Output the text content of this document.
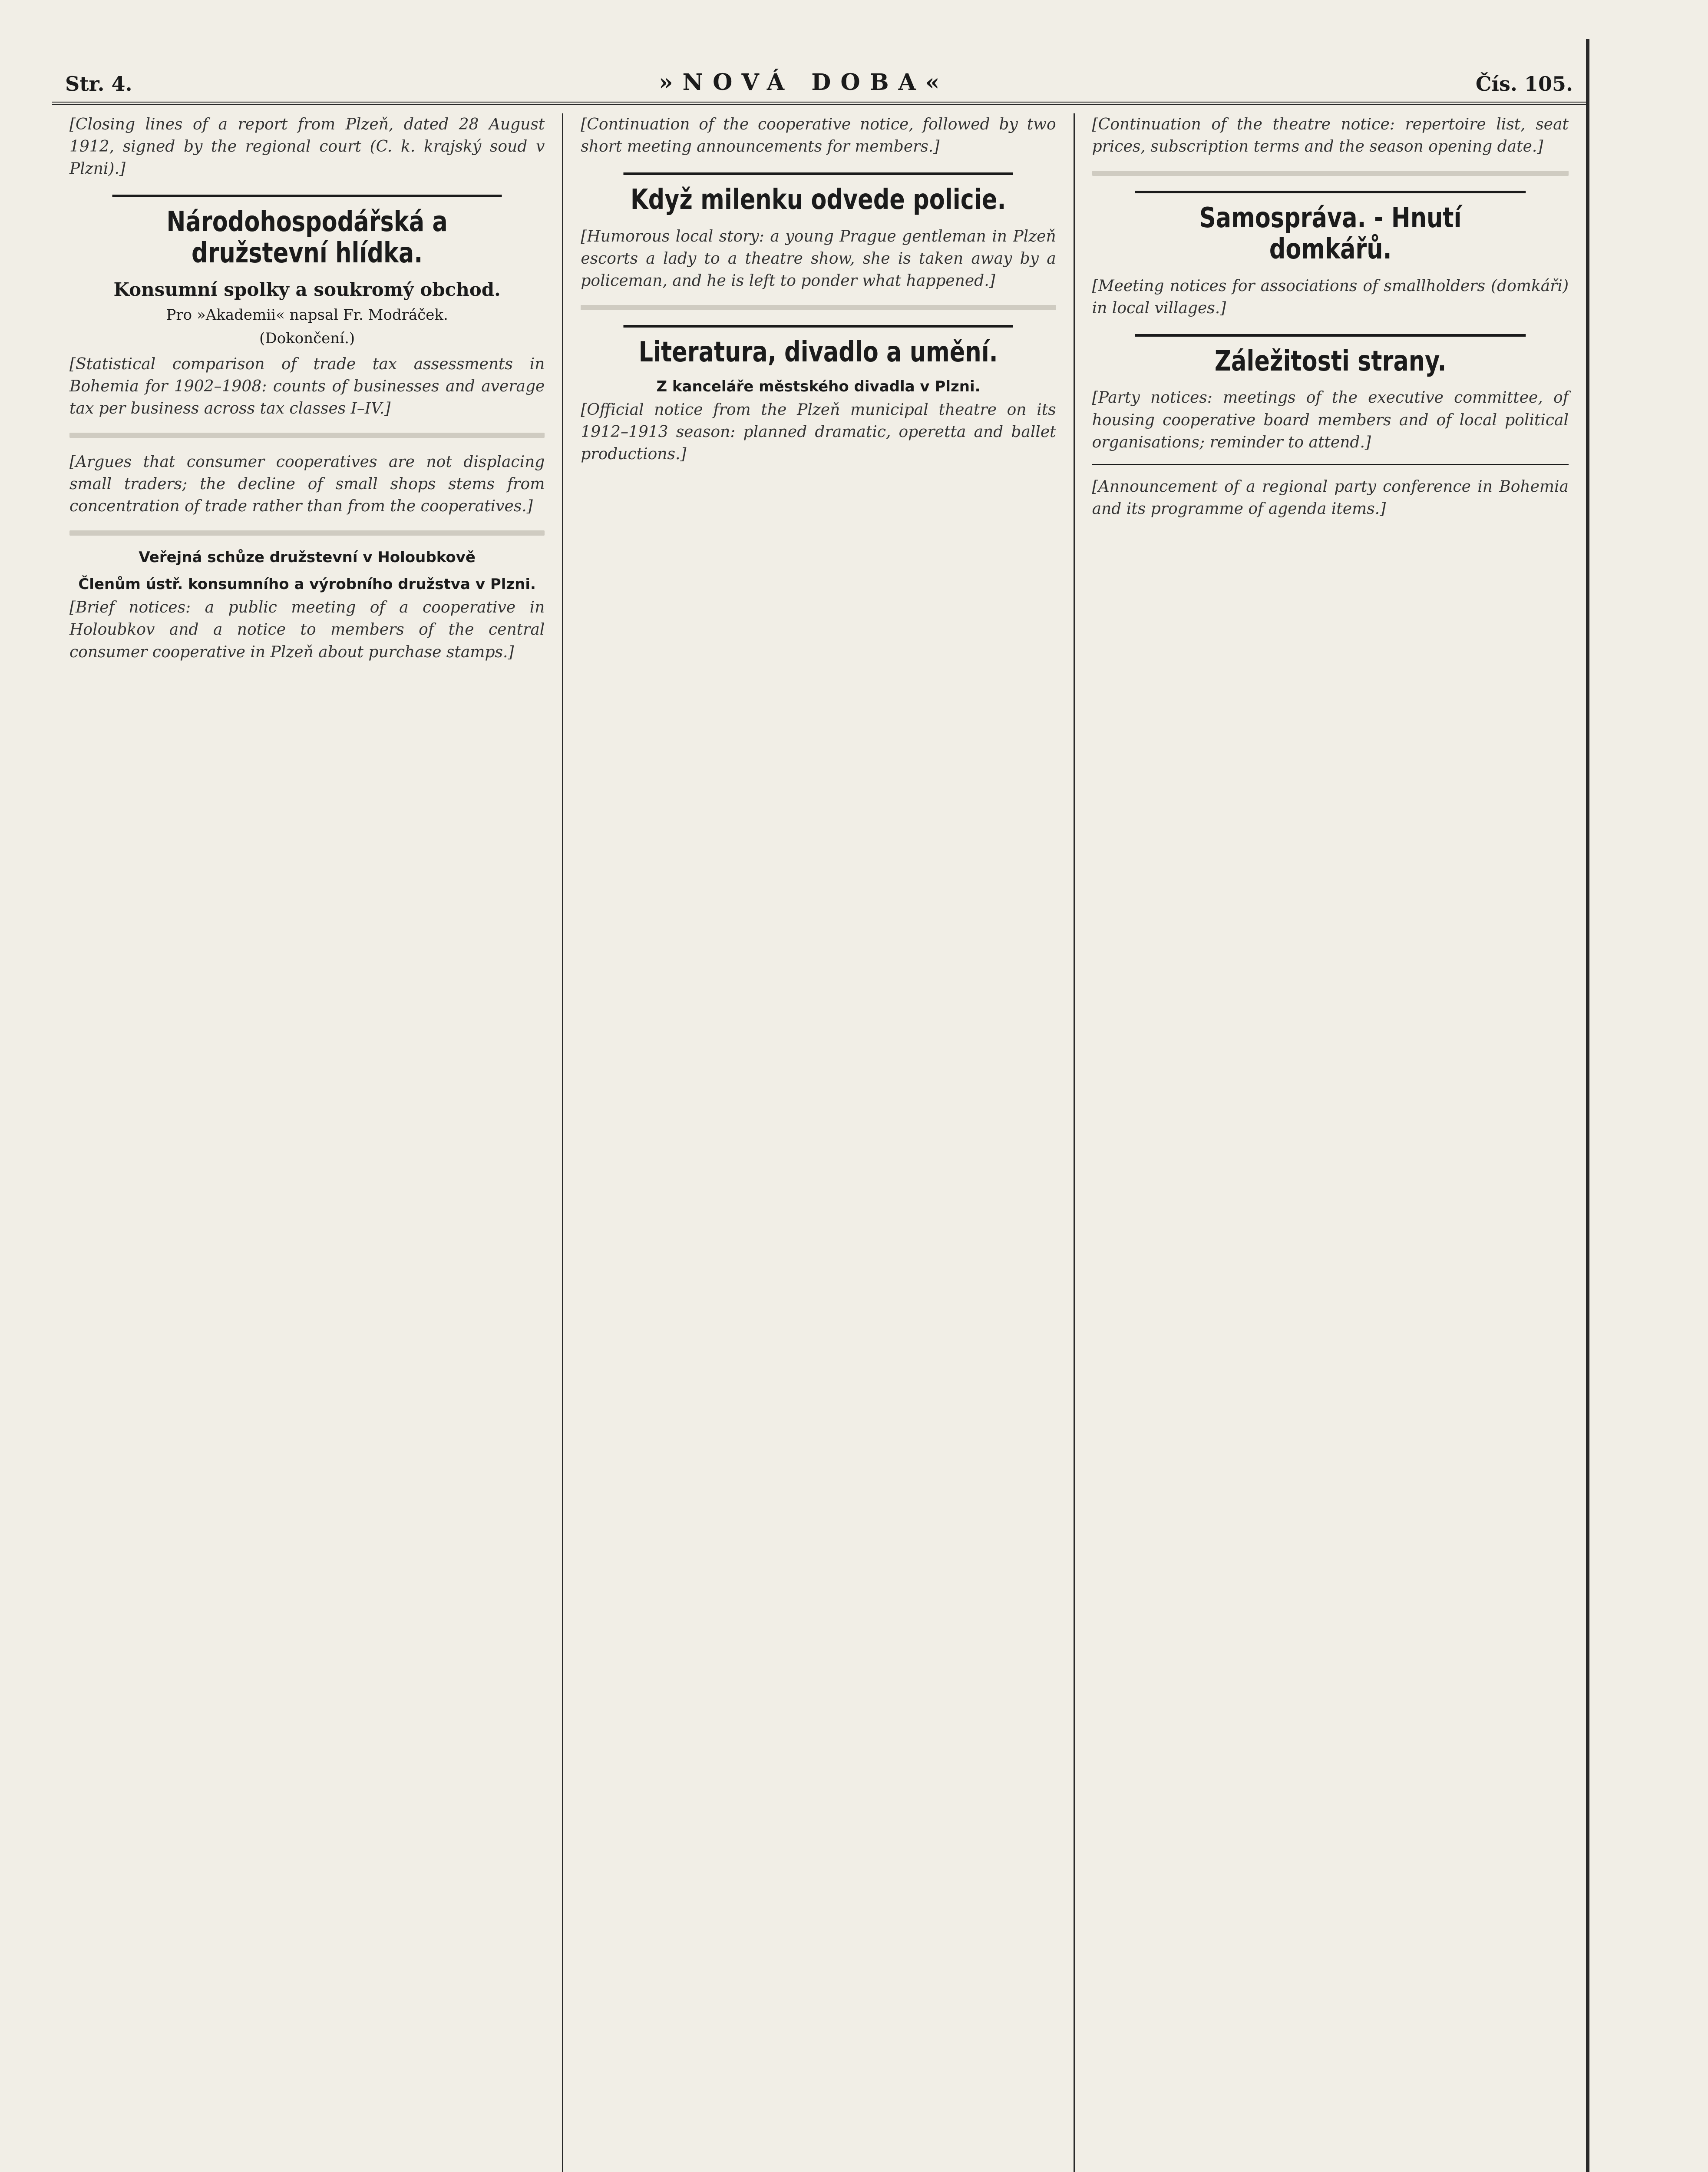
Str. 4.	»NOVÁ DOBA«	Čís. 105.

[Closing lines of a report from Plzeň, dated 28 August 1912, signed by the regional court (C. k. krajský soud v Plzni).]

Národohospodářská a družstevní hlídka.
Konsumní spolky a soukromý obchod.
Pro »Akademii« napsal Fr. Modráček.
(Dokončení.)

[Statistical comparison of trade tax assessments in Bohemia for 1902–1908: counts of businesses and average tax per business across tax classes I–IV.]

[Argues that consumer cooperatives are not displacing small traders; the decline of small shops stems from concentration of trade rather than from the cooperatives.]

Veřejná schůze družstevní v Holoubkově
Členům ústř. konsumního a výrobního družstva v Plzni.

[Brief notices: a public meeting of a cooperative in Holoubkov and a notice to members of the central consumer cooperative in Plzeň about purchase stamps.]

[Continuation of the cooperative notice, followed by two short meeting announcements for members.]

Když milenku odvede policie.

[Humorous local story: a young Prague gentleman in Plzeň escorts a lady to a theatre show, she is taken away by a policeman, and he is left to ponder what happened.]

Literatura, divadlo a umění.
Z kanceláře městského divadla v Plzni.

[Official notice from the Plzeň municipal theatre on its 1912–1913 season: planned dramatic, operetta and ballet productions.]

[Continuation of the theatre notice: repertoire list, seat prices, subscription terms and the season opening date.]

Samospráva. - Hnutí domkářů.

[Meeting notices for associations of smallholders (domkáři) in local villages.]

Záležitosti strany.

[Party notices: meetings of the executive committee, of housing cooperative board members and of local political organisations; reminder to attend.]

[Announcement of a regional party conference in Bohemia and its programme of agenda items.]
